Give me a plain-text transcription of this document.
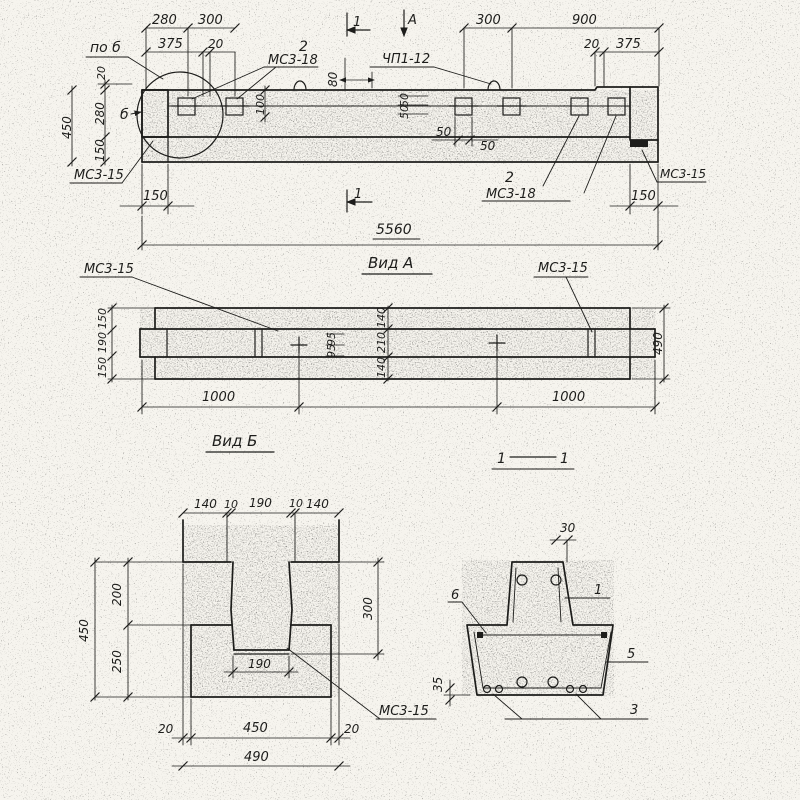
280 300
375 20
300	900
20 375
по б	2
МС3-18	ЧП1-12
1	А
1
80
100	50
50
50
50
20
280
150
450
б
МС3-15
150
5560
2
МС3-18	150
МС3-15
Вид А
МС3-15	МС3-15
150
190
150
140
210
140
95
95	490
1000	1000
Вид Б
140 10 190 10 140
200
250
450
300
190
20	450	20
490
МС3-15
1	1
30
6	1
5
35
3
